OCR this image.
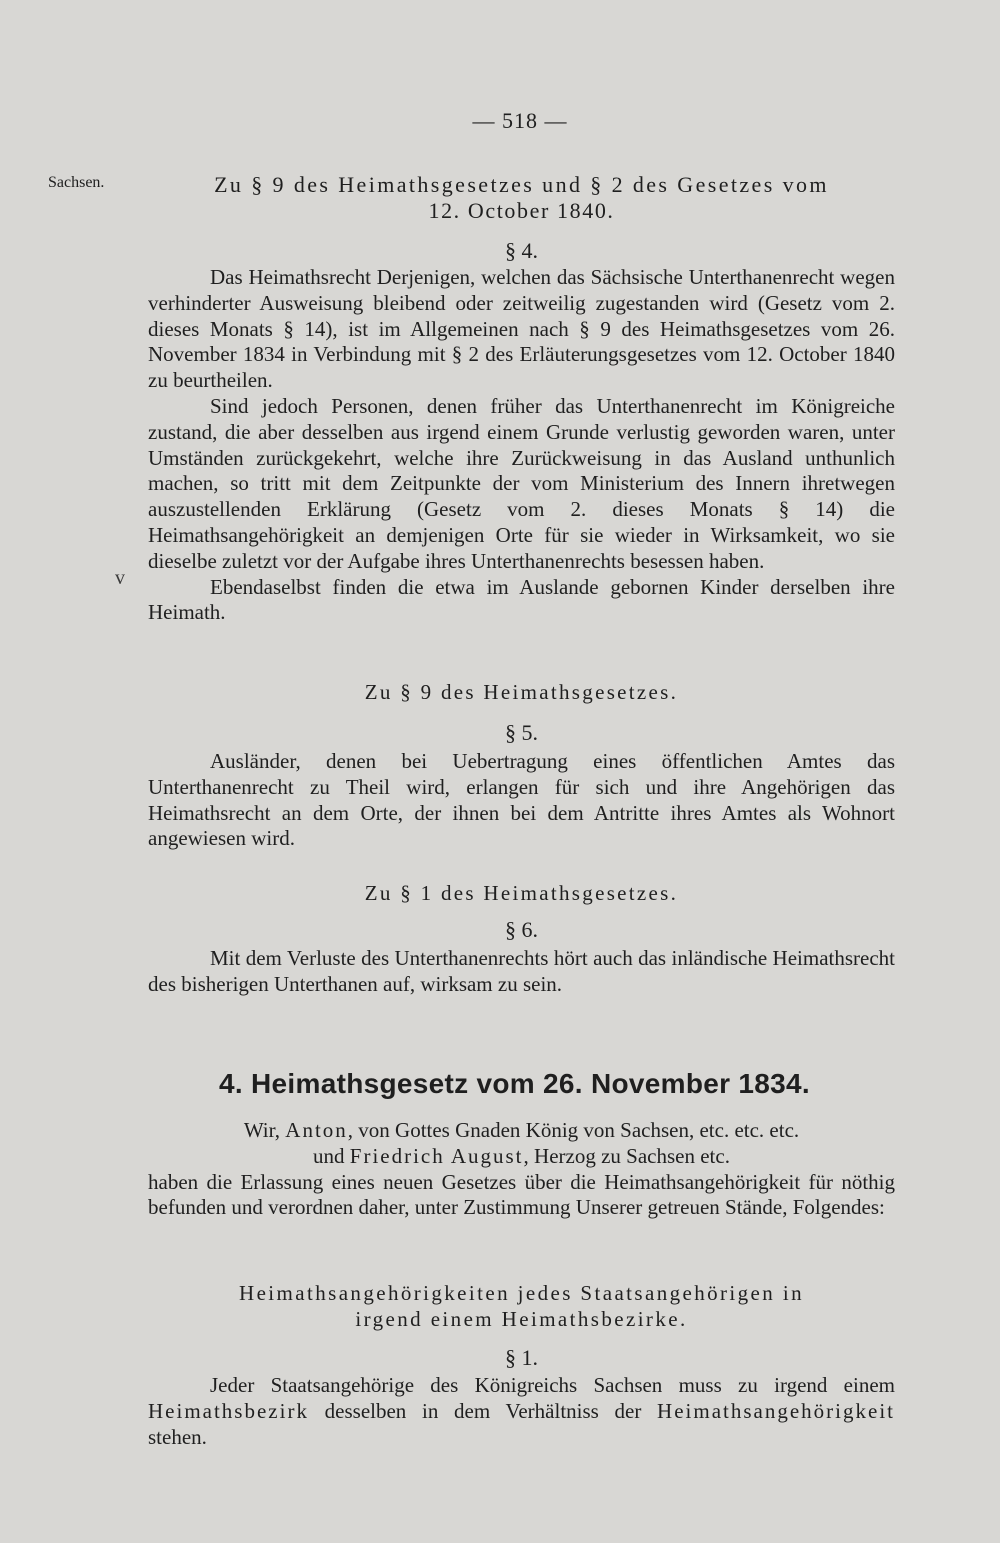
— 518 —
Sachsen.
v
Zu § 9 des Heimathsgesetzes und § 2 des Gesetzes vom
12. October 1840.
§ 4.

Das Heimathsrecht Derjenigen, welchen das Sächsische Unterthanenrecht wegen verhinderter Ausweisung bleibend oder zeitweilig zugestanden wird (Gesetz vom 2. dieses Monats § 14), ist im Allgemeinen nach § 9 des Heimathsgesetzes vom 26. November 1834 in Verbindung mit § 2 des Erläuterungsgesetzes vom 12. October 1840 zu beurtheilen.

Sind jedoch Personen, denen früher das Unterthanenrecht im Königreiche zustand, die aber desselben aus irgend einem Grunde verlustig geworden waren, unter Umständen zurückgekehrt, welche ihre Zurückweisung in das Ausland unthunlich machen, so tritt mit dem Zeitpunkte der vom Ministerium des Innern ihretwegen auszustellenden Erklärung (Gesetz vom 2. dieses Monats § 14) die Heimathsangehörigkeit an demjenigen Orte für sie wieder in Wirksamkeit, wo sie dieselbe zuletzt vor der Aufgabe ihres Unterthanenrechts besessen haben.

Ebendaselbst finden die etwa im Auslande gebornen Kinder derselben ihre Heimath.

Zu § 9 des Heimathsgesetzes.
§ 5.

Ausländer, denen bei Uebertragung eines öffentlichen Amtes das Unterthanenrecht zu Theil wird, erlangen für sich und ihre Angehörigen das Heimathsrecht an dem Orte, der ihnen bei dem Antritte ihres Amtes als Wohnort angewiesen wird.

Zu § 1 des Heimathsgesetzes.
§ 6.

Mit dem Verluste des Unterthanenrechts hört auch das inländische Heimathsrecht des bisherigen Unterthanen auf, wirksam zu sein.

4. Heimathsgesetz vom 26. November 1834.
Wir, Anton, von Gottes Gnaden König von Sachsen, etc. etc. etc.
und Friedrich August, Herzog zu Sachsen etc.
haben die Erlassung eines neuen Gesetzes über die Heimathsangehörigkeit für nöthig befunden und verordnen daher, unter Zustimmung Unserer getreuen Stände, Folgendes:
Heimathsangehörigkeiten jedes Staatsangehörigen in
irgend einem Heimathsbezirke.
§ 1.

Jeder Staatsangehörige des Königreichs Sachsen muss zu irgend einem Heimathsbezirk desselben in dem Verhältniss der Heimathsangehörigkeit stehen.
